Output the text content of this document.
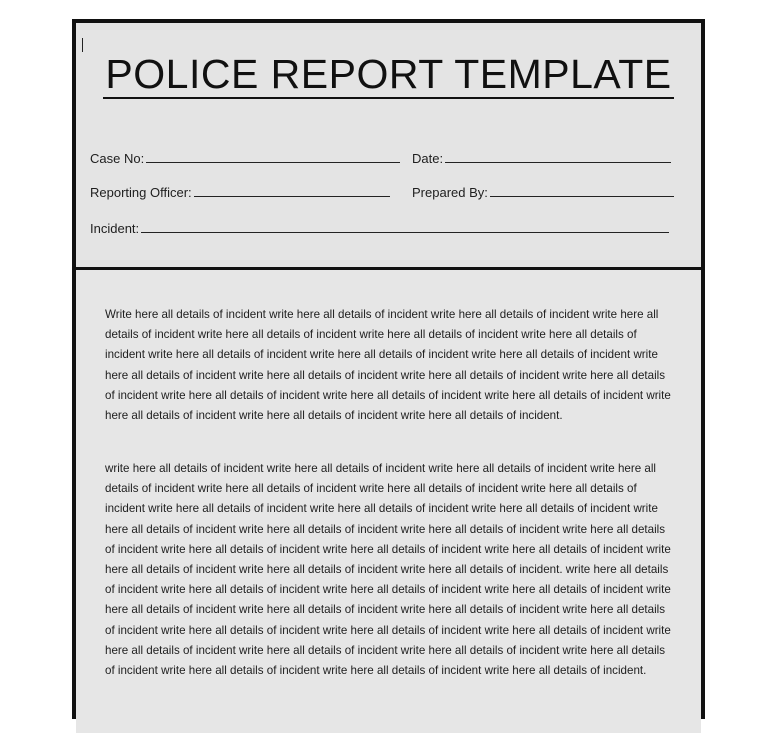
POLICE REPORT TEMPLATE
Case No:	Date:
Reporting Officer:	Prepared By:
Incident:

Write here all details of incident write here all details of incident write here all details of incident write here all details of incident write here all details of incident write here all details of incident write here all details of incident write here all details of incident write here all details of incident write here all details of incident write here all details of incident write here all details of incident write here all details of incident write here all details of incident write here all details of incident write here all details of incident write here all details of incident write here all details of incident write here all details of incident write here all details of incident.

write here all details of incident write here all details of incident write here all details of incident write here all details of incident write here all details of incident write here all details of incident write here all details of incident write here all details of incident write here all details of incident write here all details of incident write here all details of incident write here all details of incident write here all details of incident write here all details of incident write here all details of incident write here all details of incident write here all details of incident write here all details of incident write here all details of incident write here all details of incident. write here all details of incident write here all details of incident write here all details of incident write here all details of incident write here all details of incident write here all details of incident write here all details of incident write here all details of incident write here all details of incident write here all details of incident write here all details of incident write here all details of incident write here all details of incident write here all details of incident write here all details of incident write here all details of incident write here all details of incident write here all details of incident.
